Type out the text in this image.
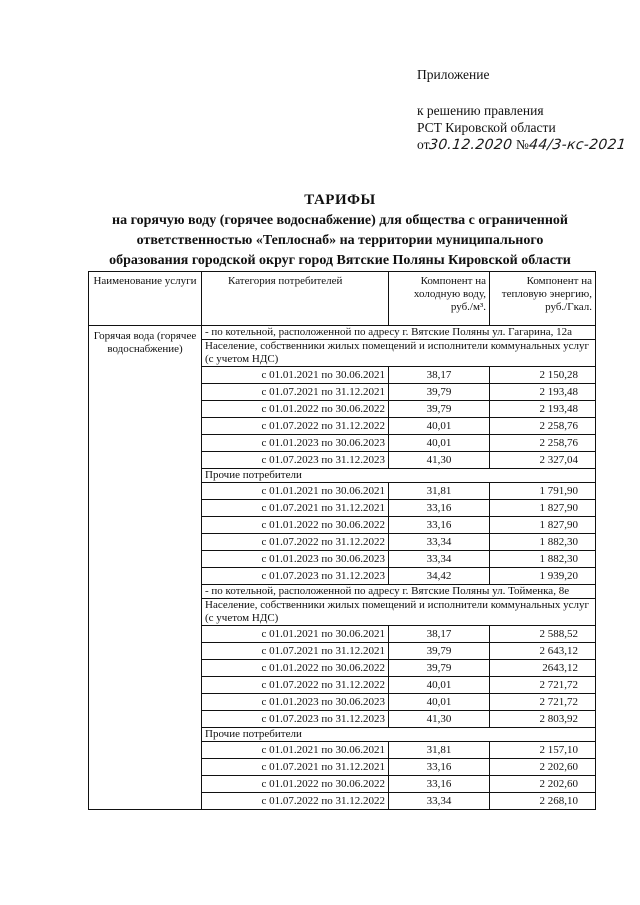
Приложение
к решению правления
РСТ Кировской области
от30.12.2020 №44/3-кс-2021
ТАРИФЫ
на горячую воду (горячее водоснабжение) для общества с ограниченной
ответственностью «Теплоснаб» на территории муниципального
образования городской округ город Вятские Поляны Кировской области
Наименование услуги	Категория потребителей	Компонент на холодную воду, руб./м³.	Компонент на тепловую энергию, руб./Гкал.
Горячая вода (горячее водоснабжение)	- по котельной, расположенной по адресу г. Вятские Поляны ул. Гагарина, 12а		
	Население, собственники жилых помещений и исполнители коммунальных услуг (с учетом НДС)		
	с 01.01.2021 по 30.06.2021	38,17	2 150,28
	с 01.07.2021 по 31.12.2021	39,79	2 193,48
	с 01.01.2022 по 30.06.2022	39,79	2 193,48
	с 01.07.2022 по 31.12.2022	40,01	2 258,76
	с 01.01.2023 по 30.06.2023	40,01	2 258,76
	с 01.07.2023 по 31.12.2023	41,30	2 327,04
	Прочие потребители		
	с 01.01.2021 по 30.06.2021	31,81	1 791,90
	с 01.07.2021 по 31.12.2021	33,16	1 827,90
	с 01.01.2022 по 30.06.2022	33,16	1 827,90
	с 01.07.2022 по 31.12.2022	33,34	1 882,30
	с 01.01.2023 по 30.06.2023	33,34	1 882,30
	с 01.07.2023 по 31.12.2023	34,42	1 939,20
	- по котельной, расположенной по адресу г. Вятские Поляны ул. Тойменка, 8е		
	Население, собственники жилых помещений и исполнители коммунальных услуг (с учетом НДС)		
	с 01.01.2021 по 30.06.2021	38,17	2 588,52
	с 01.07.2021 по 31.12.2021	39,79	2 643,12
	с 01.01.2022 по 30.06.2022	39,79	2643,12
	с 01.07.2022 по 31.12.2022	40,01	2 721,72
	с 01.01.2023 по 30.06.2023	40,01	2 721,72
	с 01.07.2023 по 31.12.2023	41,30	2 803,92
	Прочие потребители		
	с 01.01.2021 по 30.06.2021	31,81	2 157,10
	с 01.07.2021 по 31.12.2021	33,16	2 202,60
	с 01.01.2022 по 30.06.2022	33,16	2 202,60
	с 01.07.2022 по 31.12.2022	33,34	2 268,10
